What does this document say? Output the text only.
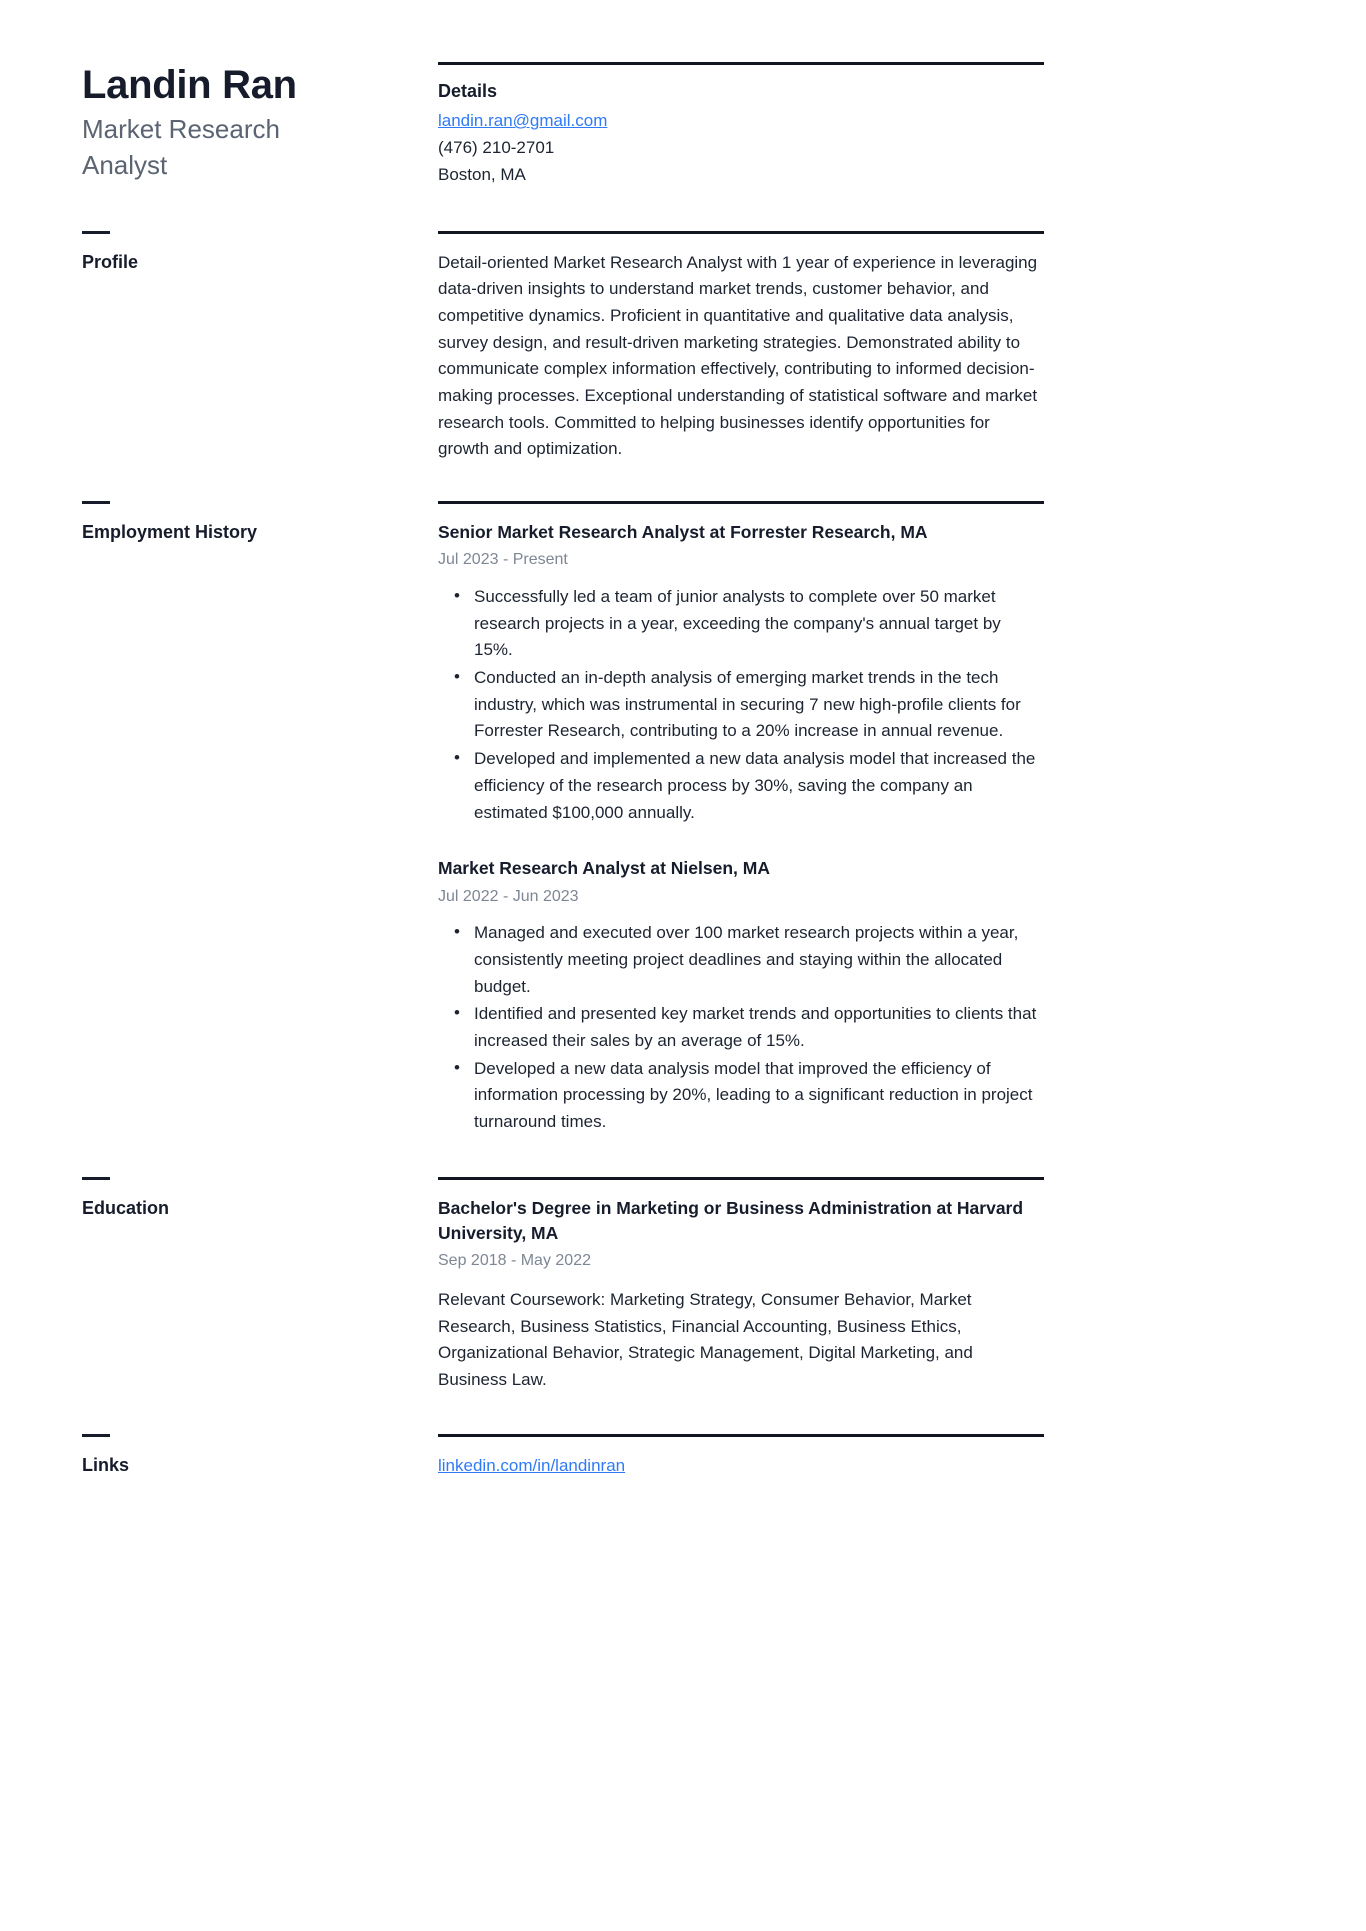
Landin Ran
Market Research
Analyst
Details
landin.ran@gmail.com
(476) 210-2701
Boston, MA
Profile	Detail-oriented Market Research Analyst with 1 year of experience in leveraging data-driven insights to understand market trends, customer behavior, and competitive dynamics. Proficient in quantitative and qualitative data analysis, survey design, and result-driven marketing strategies. Demonstrated ability to communicate complex information effectively, contributing to informed decision-making processes. Exceptional understanding of statistical software and market research tools. Committed to helping businesses identify opportunities for growth and optimization.

Employment History	Senior Market Research Analyst at Forrester Research, MA
Jul 2023 - Present
• Successfully led a team of junior analysts to complete over 50 market research projects in a year, exceeding the company's annual target by 15%.
• Conducted an in-depth analysis of emerging market trends in the tech industry, which was instrumental in securing 7 new high-profile clients for Forrester Research, contributing to a 20% increase in annual revenue.
• Developed and implemented a new data analysis model that increased the efficiency of the research process by 30%, saving the company an estimated $100,000 annually.
Market Research Analyst at Nielsen, MA
Jul 2022 - Jun 2023
• Managed and executed over 100 market research projects within a year, consistently meeting project deadlines and staying within the allocated budget.
• Identified and presented key market trends and opportunities to clients that increased their sales by an average of 15%.
• Developed a new data analysis model that improved the efficiency of information processing by 20%, leading to a significant reduction in project turnaround times.
Education	Bachelor's Degree in Marketing or Business Administration at Harvard University, MA
Sep 2018 - May 2022
Relevant Coursework: Marketing Strategy, Consumer Behavior, Market Research, Business Statistics, Financial Accounting, Business Ethics, Organizational Behavior, Strategic Management, Digital Marketing, and Business Law.
Links	linkedin.com/in/landinran
